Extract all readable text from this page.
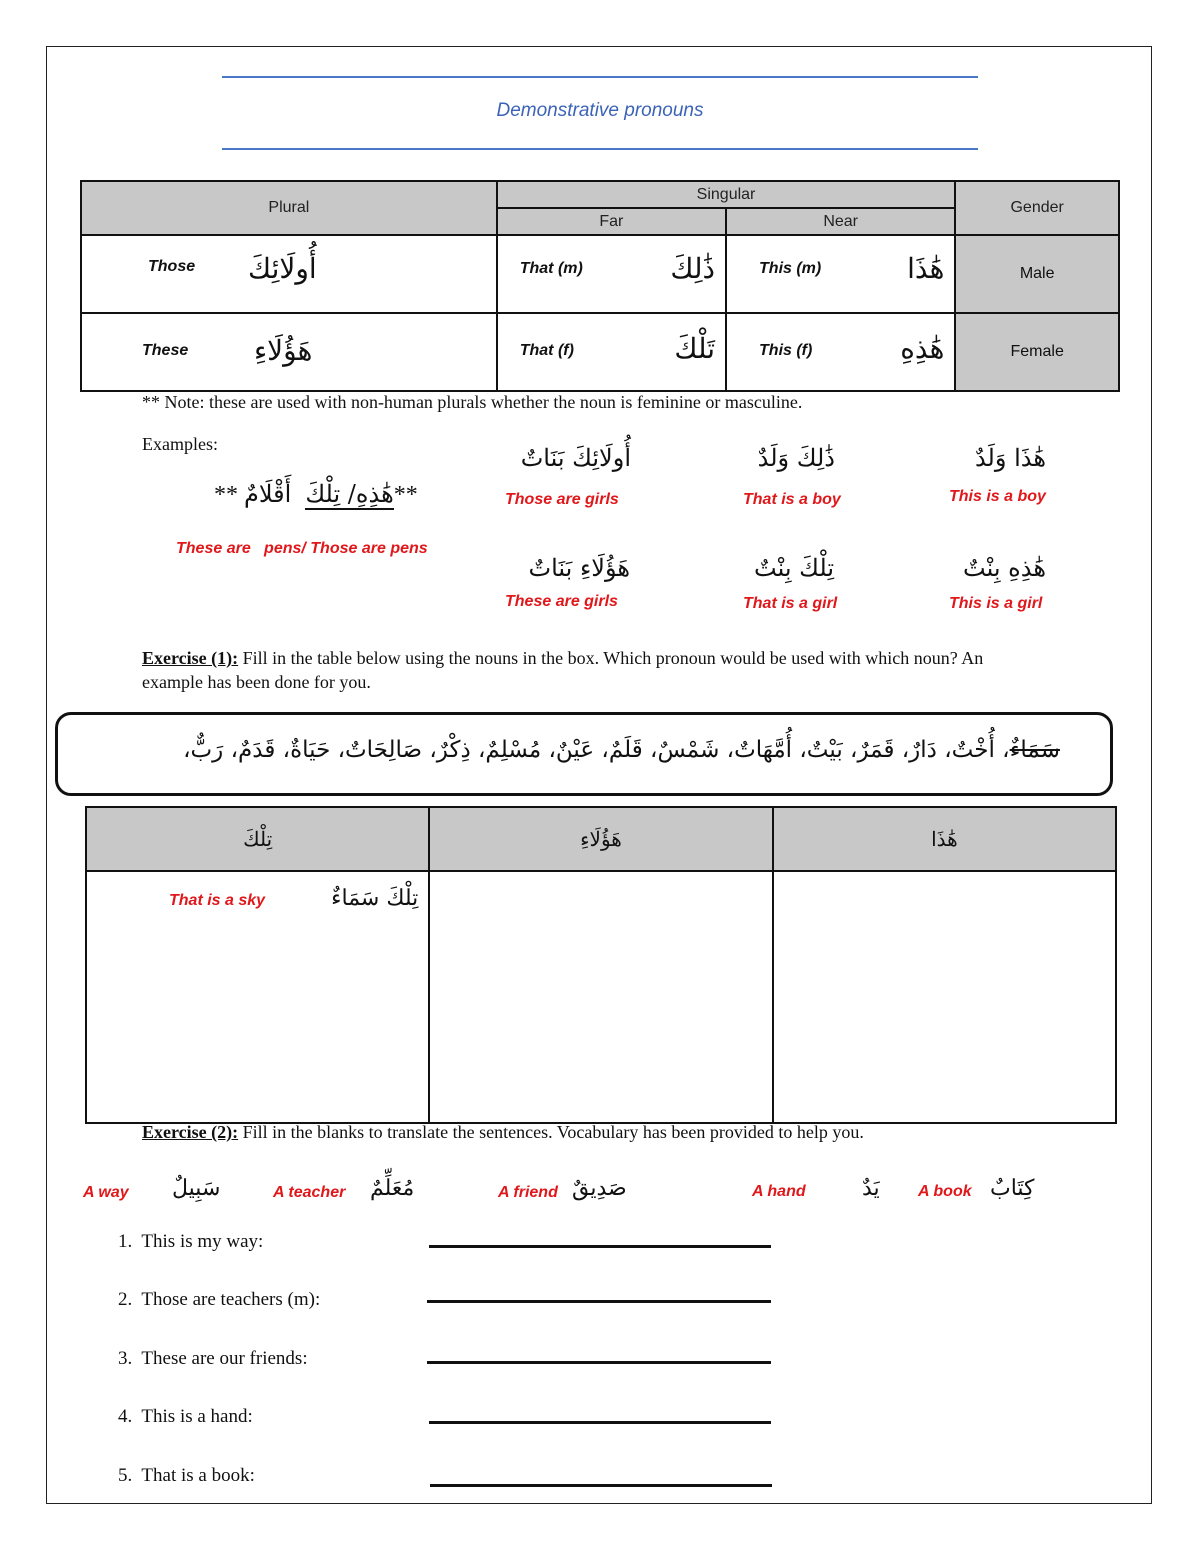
Demonstrative pronouns
Plural	Singular		Gender
	Far	Near	

Those أُولَائِكَ	That (m) ذَٰلِكَ	This (m) هَٰذَا	Male

These هَؤُلَاءِ	That (f) تَلْكَ	This (f) هَٰذِهِ	Female
** Note: these are used with non-human plurals whether the noun is feminine or masculine.
Examples:
** أَقْلَامٌ هَٰذِهِ/ تِلْكَ**
These are   pens/ Those are pens
أُولَائِكَ بَنَاتٌ
Those are girls
ذَٰلِكَ وَلَدٌ
That is a boy
هَٰذَا وَلَدٌ
This is a boy
هَؤُلَاءِ بَنَاتٌ
These are girls
تِلْكَ بِنْتٌ
That is a girl
هَٰذِهِ بِنْتٌ
This is a girl
Exercise (1): Fill in the table below using the nouns in the box. Which pronoun would be used with which noun? An example has been done for you.
سَمَاءٌ، أُخْتٌ، دَارٌ، قَمَرٌ، بَيْتٌ، أُمَّهَاتٌ، شَمْسٌ، قَلَمٌ، عَيْنٌ، مُسْلِمٌ، ذِكْرٌ، صَالِحَاتٌ، حَيَاةٌ، قَدَمٌ، رَبٌّ،
تِلْكَ	هَؤُلَاءِ	هَٰذَا

That is a sky تِلْكَ سَمَاءٌ		

Exercise (2): Fill in the blanks to translate the sentences. Vocabulary has been provided to help you.
A way سَبِيلٌ	A teacher مُعَلِّمٌ	A friend صَدِيقٌ	A hand	يَدٌ A book كِتَابٌ
1. This is my way:
2. Those are teachers (m):
3. These are our friends:
4. This is a hand:
5. That is a book:
